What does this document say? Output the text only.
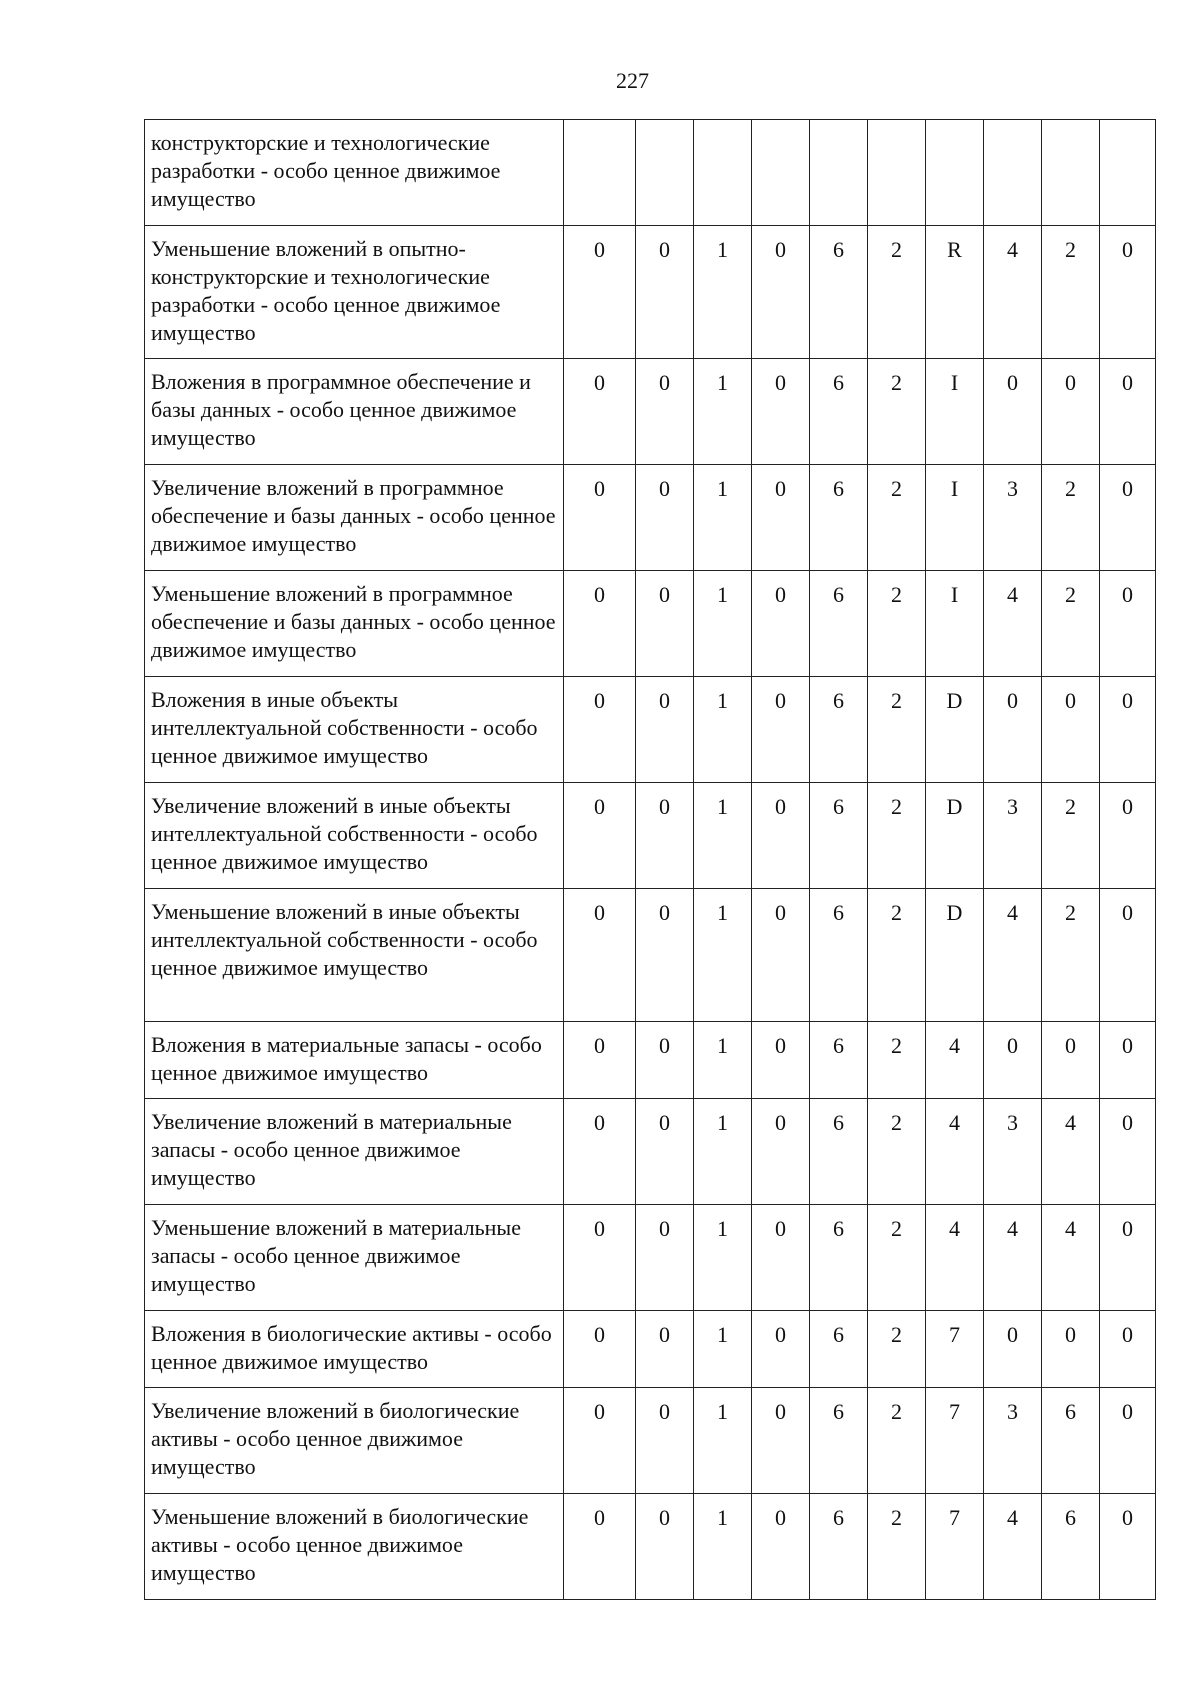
227
конструкторские и технологические разработки - особо ценное движимое имущество										
Уменьшение вложений в опытно-конструкторские и технологические разработки - особо ценное движимое имущество	0	0	1	0	6	2	R	4	2	0
Вложения в программное обеспечение и базы данных - особо ценное движимое имущество	0	0	1	0	6	2	I	0	0	0
Увеличение вложений в программное обеспечение и базы данных - особо ценное движимое имущество	0	0	1	0	6	2	I	3	2	0
Уменьшение вложений в программное обеспечение и базы данных - особо ценное движимое имущество	0	0	1	0	6	2	I	4	2	0
Вложения в иные объекты интеллектуальной собственности - особо ценное движимое имущество	0	0	1	0	6	2	D	0	0	0
Увеличение вложений в иные объекты интеллектуальной собственности - особо ценное движимое имущество	0	0	1	0	6	2	D	3	2	0
Уменьшение вложений в иные объекты интеллектуальной собственности - особо ценное движимое имущество	0	0	1	0	6	2	D	4	2	0
Вложения в материальные запасы - особо ценное движимое имущество	0	0	1	0	6	2	4	0	0	0
Увеличение вложений в материальные запасы - особо ценное движимое имущество	0	0	1	0	6	2	4	3	4	0
Уменьшение вложений в материальные запасы - особо ценное движимое имущество	0	0	1	0	6	2	4	4	4	0
Вложения в биологические активы - особо ценное движимое имущество	0	0	1	0	6	2	7	0	0	0
Увеличение вложений в биологические активы - особо ценное движимое имущество	0	0	1	0	6	2	7	3	6	0
Уменьшение вложений в биологические активы - особо ценное движимое имущество	0	0	1	0	6	2	7	4	6	0
